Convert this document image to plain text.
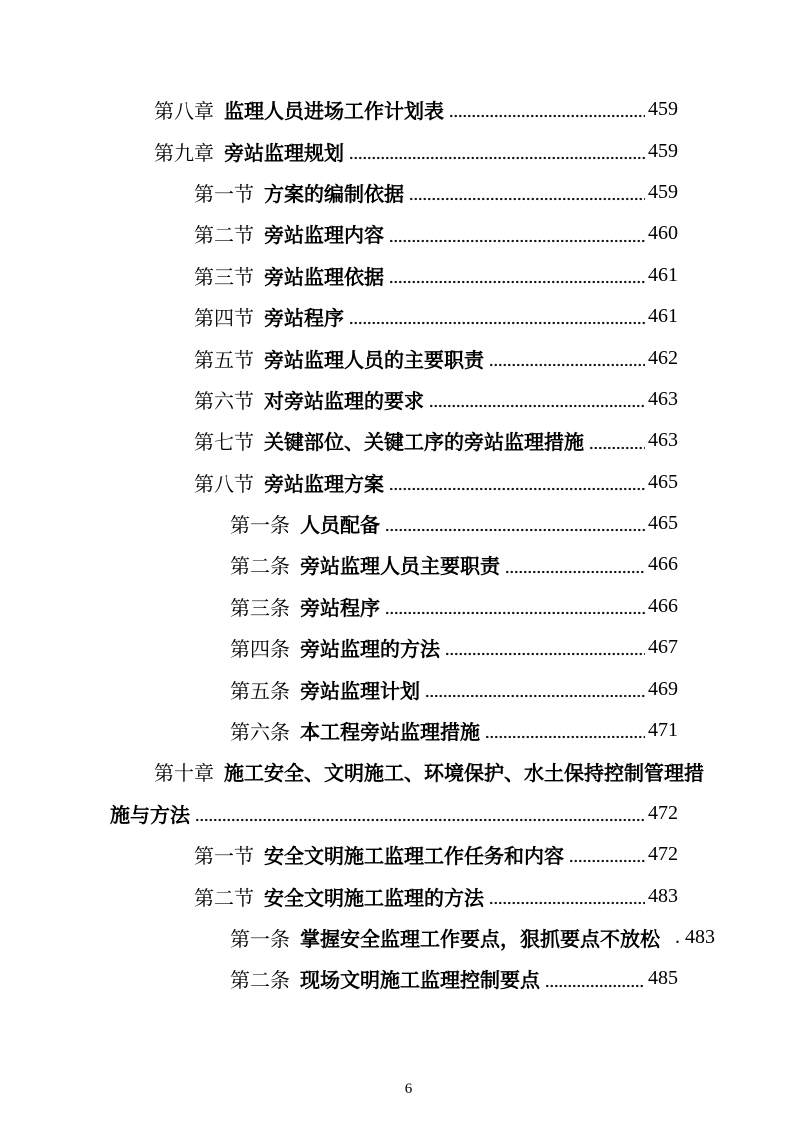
第八章 监理人员进场工作计划表	459
第九章 旁站监理规划	459
第一节 方案的编制依据	459
第二节 旁站监理内容	460
第三节 旁站监理依据	461
第四节 旁站程序	461
第五节 旁站监理人员的主要职责	462
第六节 对旁站监理的要求	463
第七节 关键部位、关键工序的旁站监理措施	463
第八节 旁站监理方案	465
第一条 人员配备	465
第二条 旁站监理人员主要职责	466
第三条 旁站程序	466
第四条 旁站监理的方法	467
第五条 旁站监理计划	469
第六条 本工程旁站监理措施	471
第十章 施工安全、文明施工、环境保护、水土保持控制管理措
施与方法	472
第一节 安全文明施工监理工作任务和内容	472
第二节 安全文明施工监理的方法	483
第一条 掌握安全监理工作要点，狠抓要点不放松 . 483
第二条 现场文明施工监理控制要点	485
6
